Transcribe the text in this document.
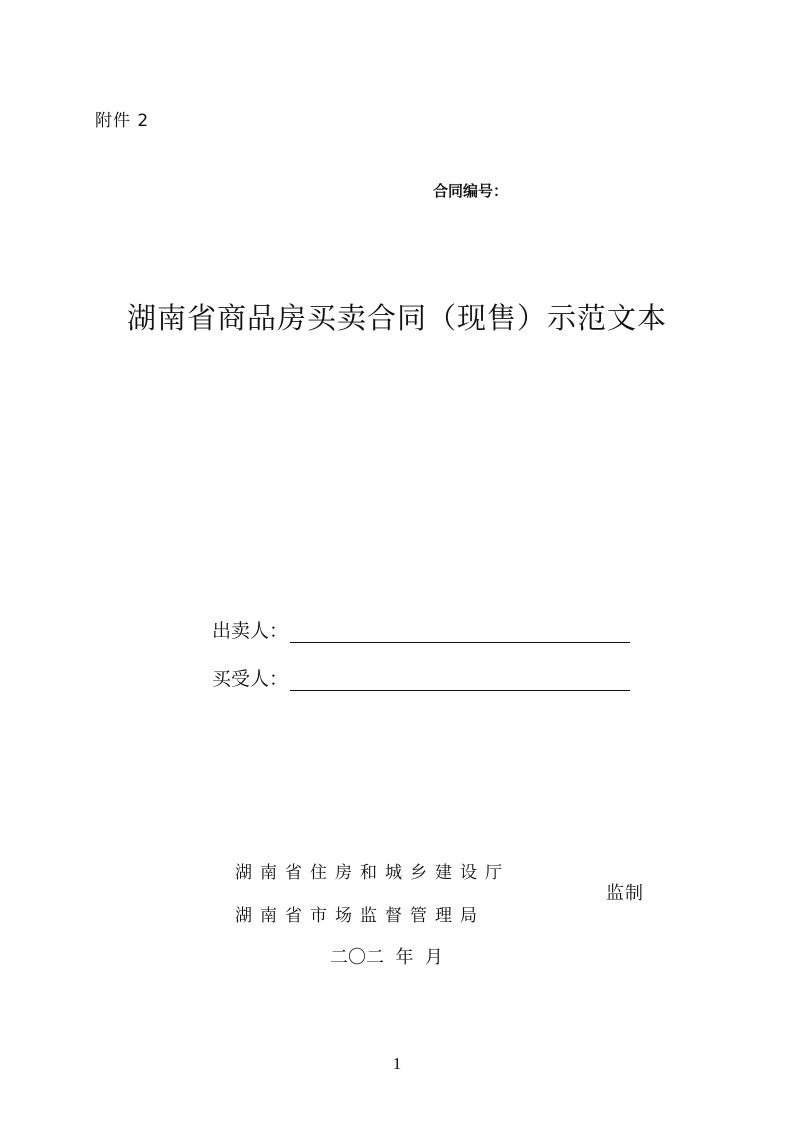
附件 2
合同编号：
湖南省商品房买卖合同（现售）示范文本
出卖人：
买受人：
湖南省住房和城乡建设厅
湖南省市场监督管理局
监制
二〇二  年  月
1
